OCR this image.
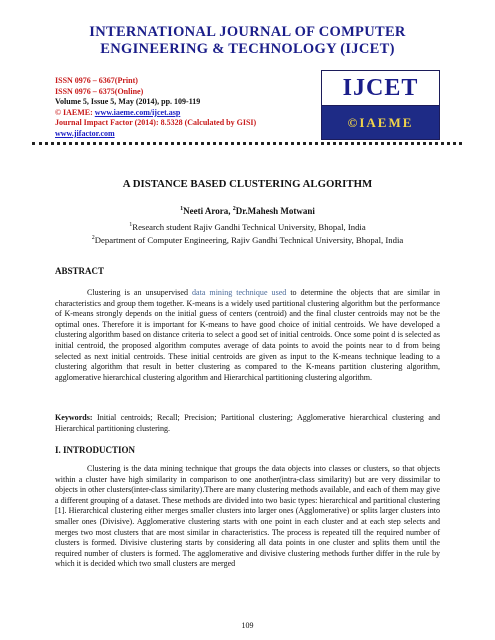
INTERNATIONAL JOURNAL OF COMPUTER ENGINEERING & TECHNOLOGY (IJCET)
ISSN 0976 – 6367(Print)
ISSN 0976 – 6375(Online)
Volume 5, Issue 5, May (2014), pp. 109-119
© IAEME: www.iaeme.com/ijcet.asp
Journal Impact Factor (2014): 8.5328 (Calculated by GISI)
www.jifactor.com
IJCET
©IAEME
A DISTANCE BASED CLUSTERING ALGORITHM
$^1$Neeti Arora, $^2$Dr.Mahesh Motwani
$^1$Research student Rajiv Gandhi Technical University, Bhopal, India
$^2$Department of Computer Engineering, Rajiv Gandhi Technical University, Bhopal, India
ABSTRACT
Clustering is an unsupervised data mining technique used to determine the objects that are similar in characteristics and group them together. K-means is a widely used partitional clustering algorithm but the performance of K-means strongly depends on the initial guess of centers (centroid) and the final cluster centroids may not be the optimal ones. Therefore it is important for K-means to have good choice of initial centroids. We have developed a clustering algorithm based on distance criteria to select a good set of initial centroids. Once some point d is selected as initial centroid, the proposed algorithm computes average of data points to avoid the points near to d from being selected as next initial centroids. These initial centroids are given as input to the K-means technique leading to a clustering algorithm that result in better clustering as compared to the K-means partition clustering algorithm, agglomerative hierarchical clustering algorithm and Hierarchical partitioning clustering algorithm.
Keywords: Initial centroids; Recall; Precision; Partitional clustering; Agglomerative hierarchical clustering and Hierarchical partitioning clustering.
I. INTRODUCTION
Clustering is the data mining technique that groups the data objects into classes or clusters, so that objects within a cluster have high similarity in comparison to one another(intra-class similarity) but are very dissimilar to objects in other clusters(inter-class similarity).There are many clustering methods available, and each of them may give a different grouping of a dataset. These methods are divided into two basic types: hierarchical and partitional clustering [1]. Hierarchical clustering either merges smaller clusters into larger ones (Agglomerative) or splits larger clusters into smaller ones (Divisive). Agglomerative clustering starts with one point in each cluster and at each step selects and merges two most clusters that are most similar in characteristics. The process is repeated till the required number of clusters is formed. Divisive clustering starts by considering all data points in one cluster and splits them until the required number of clusters is formed. The agglomerative and divisive clustering methods further differ in the rule by which it is decided which two small clusters are merged
109
